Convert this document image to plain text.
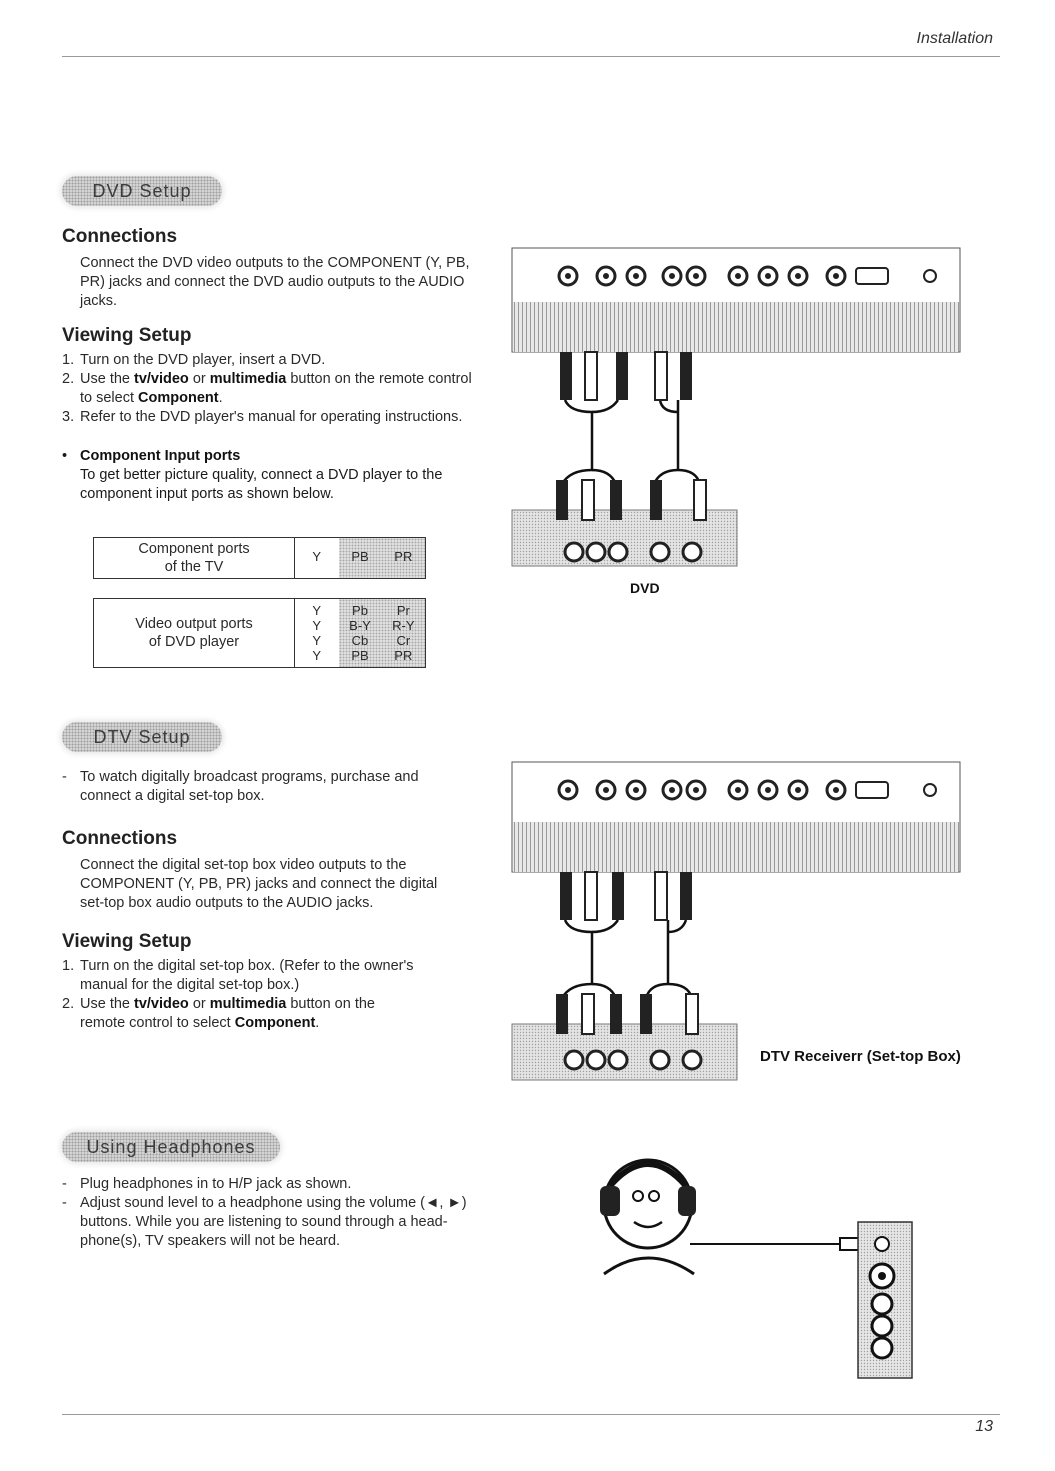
Installation
DVD Setup
Connections

Connect the DVD video outputs to the COMPONENT (Y, PB, PR) jacks and connect the DVD audio outputs to the AUDIO jacks.

Viewing Setup
1. Turn on the DVD player, insert a DVD.
2. Use the tv/video or multimedia button on the remote control to select Component.
3. Refer to the DVD player's manual for operating instructions.
• Component Input ports
To get better picture quality, connect a DVD player to the component input ports as shown below.
Component ports
of the TV
Y	PB	PR
Video output ports
of DVD player
Y	Pb	Pr
Y	B-Y	R-Y
Y	Cb	Cr
Y	PB	PR
DVD
DTV Setup
- To watch digitally broadcast programs, purchase and connect a digital set-top box.
Connections

Connect the digital set-top box video outputs to the COMPONENT (Y, PB, PR) jacks and connect the digital set-top box audio outputs to the AUDIO jacks.

Viewing Setup
1. Turn on the digital set-top box. (Refer to the owner's manual for the digital set-top box.)
2. Use the tv/video or multimedia button on the remote control to select Component.
DTV Receiverr (Set-top Box)
Using Headphones
- Plug headphones in to H/P jack as shown.
- Adjust sound level to a headphone using the volume (◄, ►) buttons. While you are listening to sound through a head-phone(s), TV speakers will not be heard.
13
